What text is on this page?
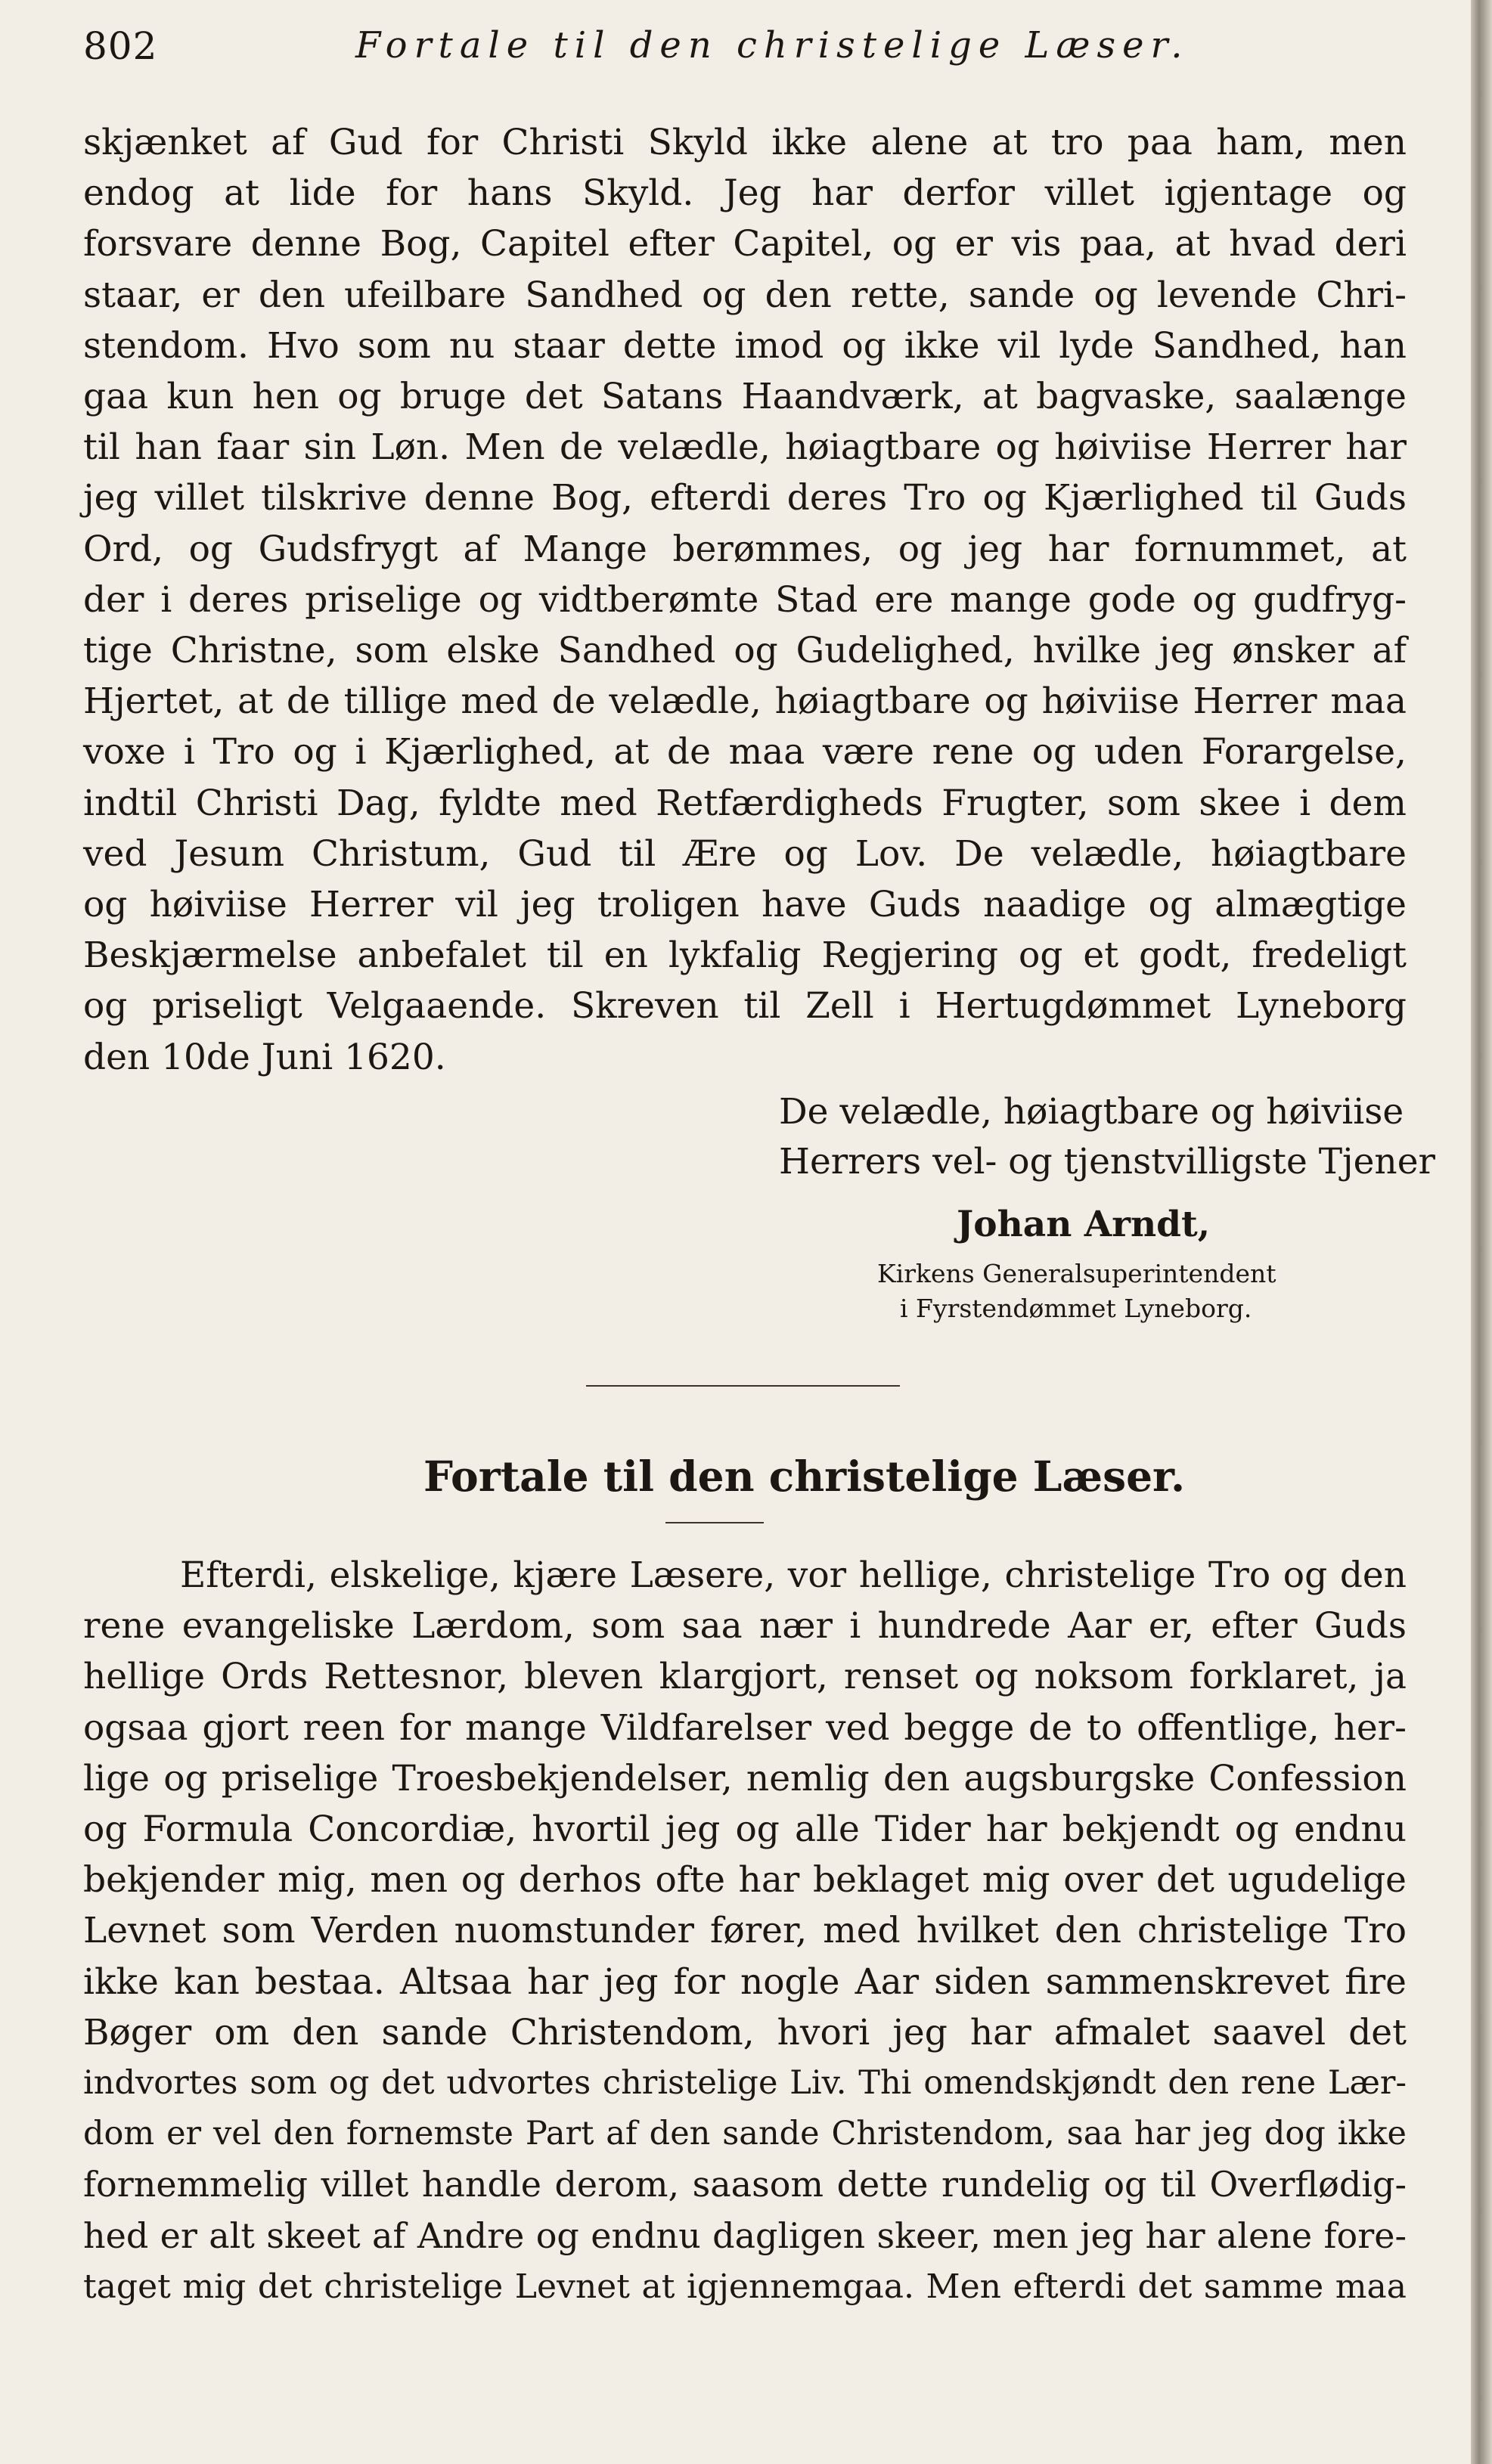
802	Fortale til den christelige Læser.
skjænket af Gud for Christi Skyld ikke alene at tro paa ham, men
endog at lide for hans Skyld. Jeg har derfor villet igjentage og
forsvare denne Bog, Capitel efter Capitel, og er vis paa, at hvad deri
staar, er den ufeilbare Sandhed og den rette, sande og levende Chri-
stendom. Hvo som nu staar dette imod og ikke vil lyde Sandhed, han
gaa kun hen og bruge det Satans Haandværk, at bagvaske, saalænge
til han faar sin Løn. Men de velædle, høiagtbare og høiviise Herrer har
jeg villet tilskrive denne Bog, efterdi deres Tro og Kjærlighed til Guds
Ord, og Gudsfrygt af Mange berømmes, og jeg har fornummet, at
der i deres priselige og vidtberømte Stad ere mange gode og gudfryg-
tige Christne, som elske Sandhed og Gudelighed, hvilke jeg ønsker af
Hjertet, at de tillige med de velædle, høiagtbare og høiviise Herrer maa
voxe i Tro og i Kjærlighed, at de maa være rene og uden Forargelse,
indtil Christi Dag, fyldte med Retfærdigheds Frugter, som skee i dem
ved Jesum Christum, Gud til Ære og Lov. De velædle, høiagtbare
og høiviise Herrer vil jeg troligen have Guds naadige og almægtige
Beskjærmelse anbefalet til en lykfalig Regjering og et godt, fredeligt
og priseligt Velgaaende. Skreven til Zell i Hertugdømmet Lyneborg
den 10de Juni 1620.
De velædle, høiagtbare og høiviise
Herrers vel- og tjenstvilligste Tjener
Johan Arndt,
Kirkens Generalsuperintendent
i Fyrstendømmet Lyneborg.
Fortale til den christelige Læser.
Efterdi, elskelige, kjære Læsere, vor hellige, christelige Tro og den
rene evangeliske Lærdom, som saa nær i hundrede Aar er, efter Guds
hellige Ords Rettesnor, bleven klargjort, renset og noksom forklaret, ja
ogsaa gjort reen for mange Vildfarelser ved begge de to offentlige, her-
lige og priselige Troesbekjendelser, nemlig den augsburgske Confession
og Formula Concordiæ, hvortil jeg og alle Tider har bekjendt og endnu
bekjender mig, men og derhos ofte har beklaget mig over det ugudelige
Levnet som Verden nuomstunder fører, med hvilket den christelige Tro
ikke kan bestaa. Altsaa har jeg for nogle Aar siden sammenskrevet fire
Bøger om den sande Christendom, hvori jeg har afmalet saavel det
indvortes som og det udvortes christelige Liv. Thi omendskjøndt den rene Lær-
dom er vel den fornemste Part af den sande Christendom, saa har jeg dog ikke
fornemmelig villet handle derom, saasom dette rundelig og til Overflødig-
hed er alt skeet af Andre og endnu dagligen skeer, men jeg har alene fore-
taget mig det christelige Levnet at igjennemgaa. Men efterdi det samme maa
